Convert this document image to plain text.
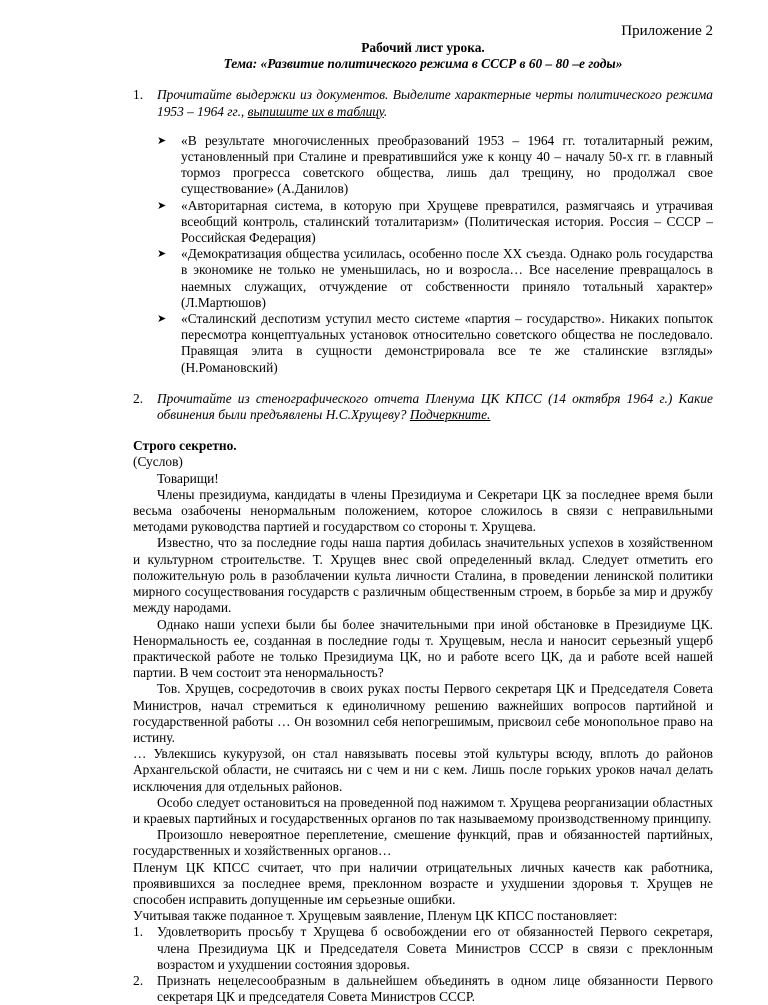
Приложение 2
Рабочий лист урока.
Тема: «Развитие политического режима в СССР в 60 – 80 –е годы»
1. Прочитайте выдержки из документов. Выделите характерные черты политического режима 1953 – 1964 гг., выпишите их в таблицу.
➤ «В результате многочисленных преобразований 1953 – 1964 гг. тоталитарный режим, установленный при Сталине и превратившийся уже к концу 40 – началу 50-х гг. в главный тормоз прогресса советского общества, лишь дал трещину, но продолжал свое существование» (А.Данилов)
➤ «Авторитарная система, в которую при Хрущеве превратился, размягчаясь и утрачивая всеобщий контроль, сталинский тоталитаризм» (Политическая история. Россия – СССР – Российская Федерация)
➤ «Демократизация общества усилилась, особенно после XX съезда. Однако роль государства в экономике не только не уменьшилась, но и возросла… Все население превращалось в наемных служащих, отчуждение от собственности приняло тотальный характер» (Л.Мартюшов)
➤ «Сталинский деспотизм уступил место системе «партия – государство». Никаких попыток пересмотра концептуальных установок относительно советского общества не последовало. Правящая элита в сущности демонстрировала все те же сталинские взгляды» (Н.Романовский)
2. Прочитайте из стенографического отчета Пленума ЦК КПСС (14 октября 1964 г.) Какие обвинения были предъявлены Н.С.Хрущеву? Подчеркните.

Строго секретно.

(Суслов)

Товарищи!

Члены президиума, кандидаты в члены Президиума и Секретари ЦК за последнее время были весьма озабочены ненормальным положением, которое сложилось в связи с неправильными методами руководства партией и государством со стороны т. Хрущева.

Известно, что за последние годы наша партия добилась значительных успехов в хозяйственном и культурном строительстве. Т. Хрущев внес свой определенный вклад. Следует отметить его положительную роль в разоблачении культа личности Сталина, в проведении ленинской политики мирного сосуществования государств с различным общественным строем, в борьбе за мир и дружбу между народами.

Однако наши успехи были бы более значительными при иной обстановке в Президиуме ЦК. Ненормальность ее, созданная в последние годы т. Хрущевым, несла и наносит серьезный ущерб практической работе не только Президиума ЦК, но и работе всего ЦК, да и работе всей нашей партии. В чем состоит эта ненормальность?

Тов. Хрущев, сосредоточив в своих руках посты Первого секретаря ЦК и Председателя Совета Министров, начал стремиться к единоличному решению важнейших вопросов партийной и государственной работы … Он возомнил себя непогрешимым, присвоил себе монопольное право на истину.

… Увлекшись кукурузой, он стал навязывать посевы этой культуры всюду, вплоть до районов Архангельской области, не считаясь ни с чем и ни с кем. Лишь после горьких уроков начал делать исключения для отдельных районов.

Особо следует остановиться на проведенной под нажимом т. Хрущева реорганизации областных и краевых партийных и государственных органов по так называемому производственному принципу.

Произошло невероятное переплетение, смешение функций, прав и обязанностей партийных, государственных и хозяйственных органов…

Пленум ЦК КПСС считает, что при наличии отрицательных личных качеств как работника, проявившихся за последнее время, преклонном возрасте и ухудшении здоровья т. Хрущев не способен исправить допущенные им серьезные ошибки.

Учитывая также поданное т. Хрущевым заявление, Пленум ЦК КПСС постановляет:

1. Удовлетворить просьбу т Хрущева б освобождении его от обязанностей Первого секретаря, члена Президиума ЦК и Председателя Совета Министров СССР в связи с преклонным возрастом и ухудшении состояния здоровья.
2. Признать нецелесообразным в дальнейшем объединять в одном лице обязанности Первого секретаря ЦК и председателя Совета Министров СССР.
